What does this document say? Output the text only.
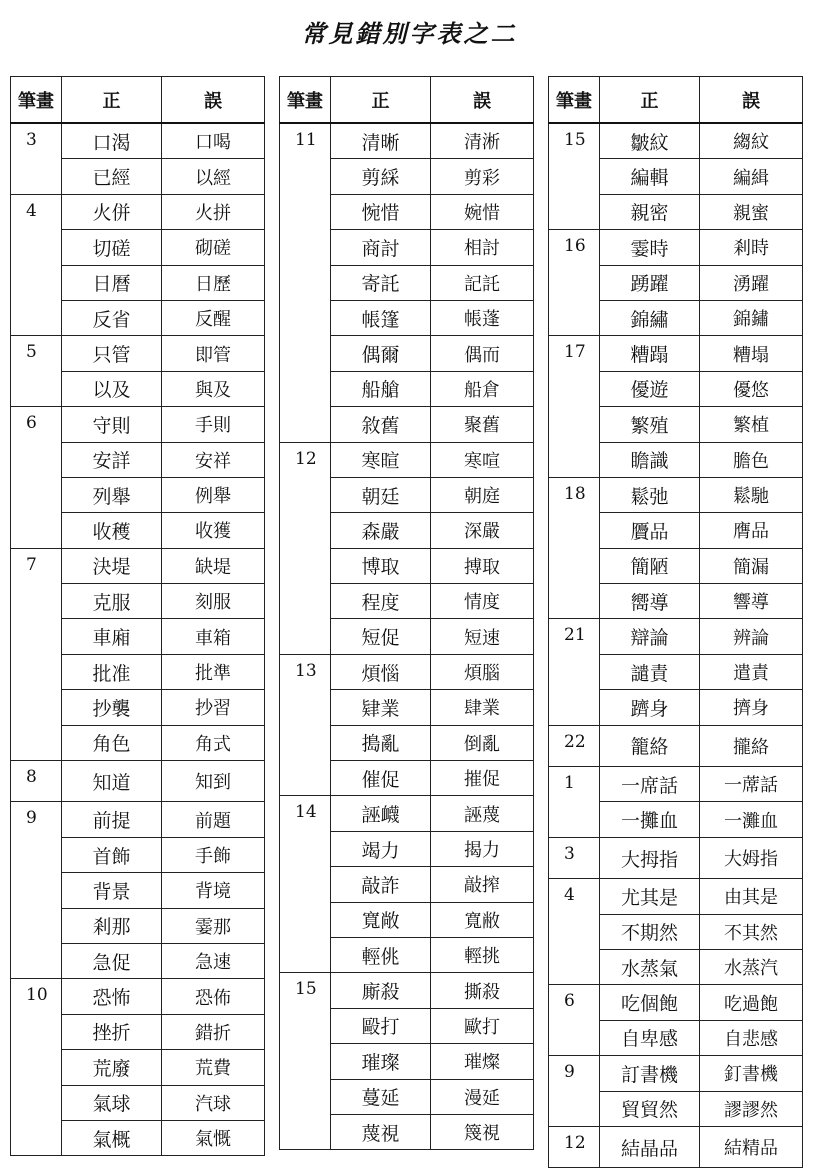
常見錯別字表之二
筆畫	正	誤
3	口渴	口喝
	已經	以經
4	火併	火拼
	切磋	砌磋
	日曆	日歷
	反省	反醒
5	只管	即管
	以及	與及
6	守則	手則
	安詳	安祥
	列舉	例舉
	收穫	收獲
7	決堤	缺堤
	克服	刻服
	車廂	車箱
	批准	批準
	抄襲	抄習
	角色	角式
8	知道	知到
9	前提	前題
	首飾	手飾
	背景	背境
	剎那	霎那
	急促	急速
10	恐怖	恐佈
	挫折	錯折
	荒廢	荒費
	氣球	汽球
	氣概	氣慨
筆畫	正	誤
11	清晰	清淅
	剪綵	剪彩
	惋惜	婉惜
	商討	相討
	寄託	記託
	帳篷	帳蓬
	偶爾	偶而
	船艙	船倉
	敘舊	聚舊
12	寒暄	寒喧
	朝廷	朝庭
	森嚴	深嚴
	博取	搏取
	程度	情度
	短促	短速
13	煩惱	煩腦
	肄業	肆業
	搗亂	倒亂
	催促	摧促
14	誣衊	誣蔑
	竭力	揭力
	敲詐	敲搾
	寬敞	寬敝
	輕佻	輕挑
15	廝殺	撕殺
	毆打	歐打
	璀璨	璀燦
	蔓延	漫延
	蔑視	篾視
筆畫	正	誤
15	皺紋	縐紋
	編輯	編緝
	親密	親蜜
16	霎時	剎時
	踴躍	湧躍
	錦繡	錦鏽
17	糟蹋	糟塌
	優遊	優悠
	繁殖	繁植
	瞻識	膽色
18	鬆弛	鬆馳
	贗品	膺品
	簡陋	簡漏
	嚮導	響導
21	辯論	辨論
	譴責	遣責
	躋身	擠身
22	籠絡	攏絡
1	一席話	一蓆話
	一攤血	一灘血
3	大拇指	大姆指
4	尤其是	由其是
	不期然	不其然
	水蒸氣	水蒸汽
6	吃個飽	吃過飽
	自卑感	自悲感
9	訂書機	釘書機
	貿貿然	謬謬然
12	結晶品	結精品
